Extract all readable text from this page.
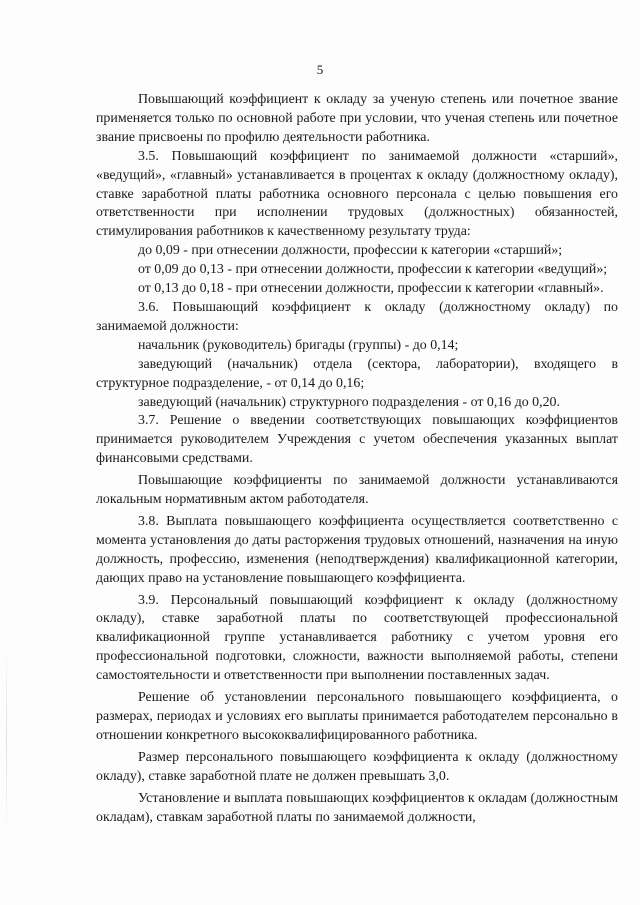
5

Повышающий коэффициент к окладу за ученую степень или почетное звание применяется только по основной работе при условии, что ученая степень или почетное звание присвоены по профилю деятельности работника.

3.5. Повышающий коэффициент по занимаемой должности «старший», «ведущий», «главный» устанавливается в процентах к окладу (должностному окладу), ставке заработной платы работника основного персонала с целью повышения его ответственности при исполнении трудовых (должностных) обязанностей, стимулирования работников к качественному результату труда:

до 0,09 - при отнесении должности, профессии к категории «старший»;

от 0,09 до 0,13 - при отнесении должности, профессии к категории «ведущий»;

от 0,13 до 0,18 - при отнесении должности, профессии к категории «главный».

3.6. Повышающий коэффициент к окладу (должностному окладу) по занимаемой должности:

начальник (руководитель) бригады (группы) - до 0,14;

заведующий (начальник) отдела (сектора, лаборатории), входящего в структурное подразделение, - от 0,14 до 0,16;

заведующий (начальник) структурного подразделения - от 0,16 до 0,20.

3.7. Решение о введении соответствующих повышающих коэффициентов принимается руководителем Учреждения с учетом обеспечения указанных выплат финансовыми средствами.

Повышающие коэффициенты по занимаемой должности устанавливаются локальным нормативным актом работодателя.

3.8. Выплата повышающего коэффициента осуществляется соответственно с момента установления до даты расторжения трудовых отношений, назначения на иную должность, профессию, изменения (неподтверждения) квалификационной категории, дающих право на установление повышающего коэффициента.

3.9. Персональный повышающий коэффициент к окладу (должностному окладу), ставке заработной платы по соответствующей профессиональной квалификационной группе устанавливается работнику с учетом уровня его профессиональной подготовки, сложности, важности выполняемой работы, степени самостоятельности и ответственности при выполнении поставленных задач.

Решение об установлении персонального повышающего коэффициента, о размерах, периодах и условиях его выплаты принимается работодателем персонально в отношении конкретного высококвалифицированного работника.

Размер персонального повышающего коэффициента к окладу (должностному окладу), ставке заработной плате не должен превышать 3,0.

Установление и выплата повышающих коэффициентов к окладам (должностным окладам), ставкам заработной платы по занимаемой должности,
